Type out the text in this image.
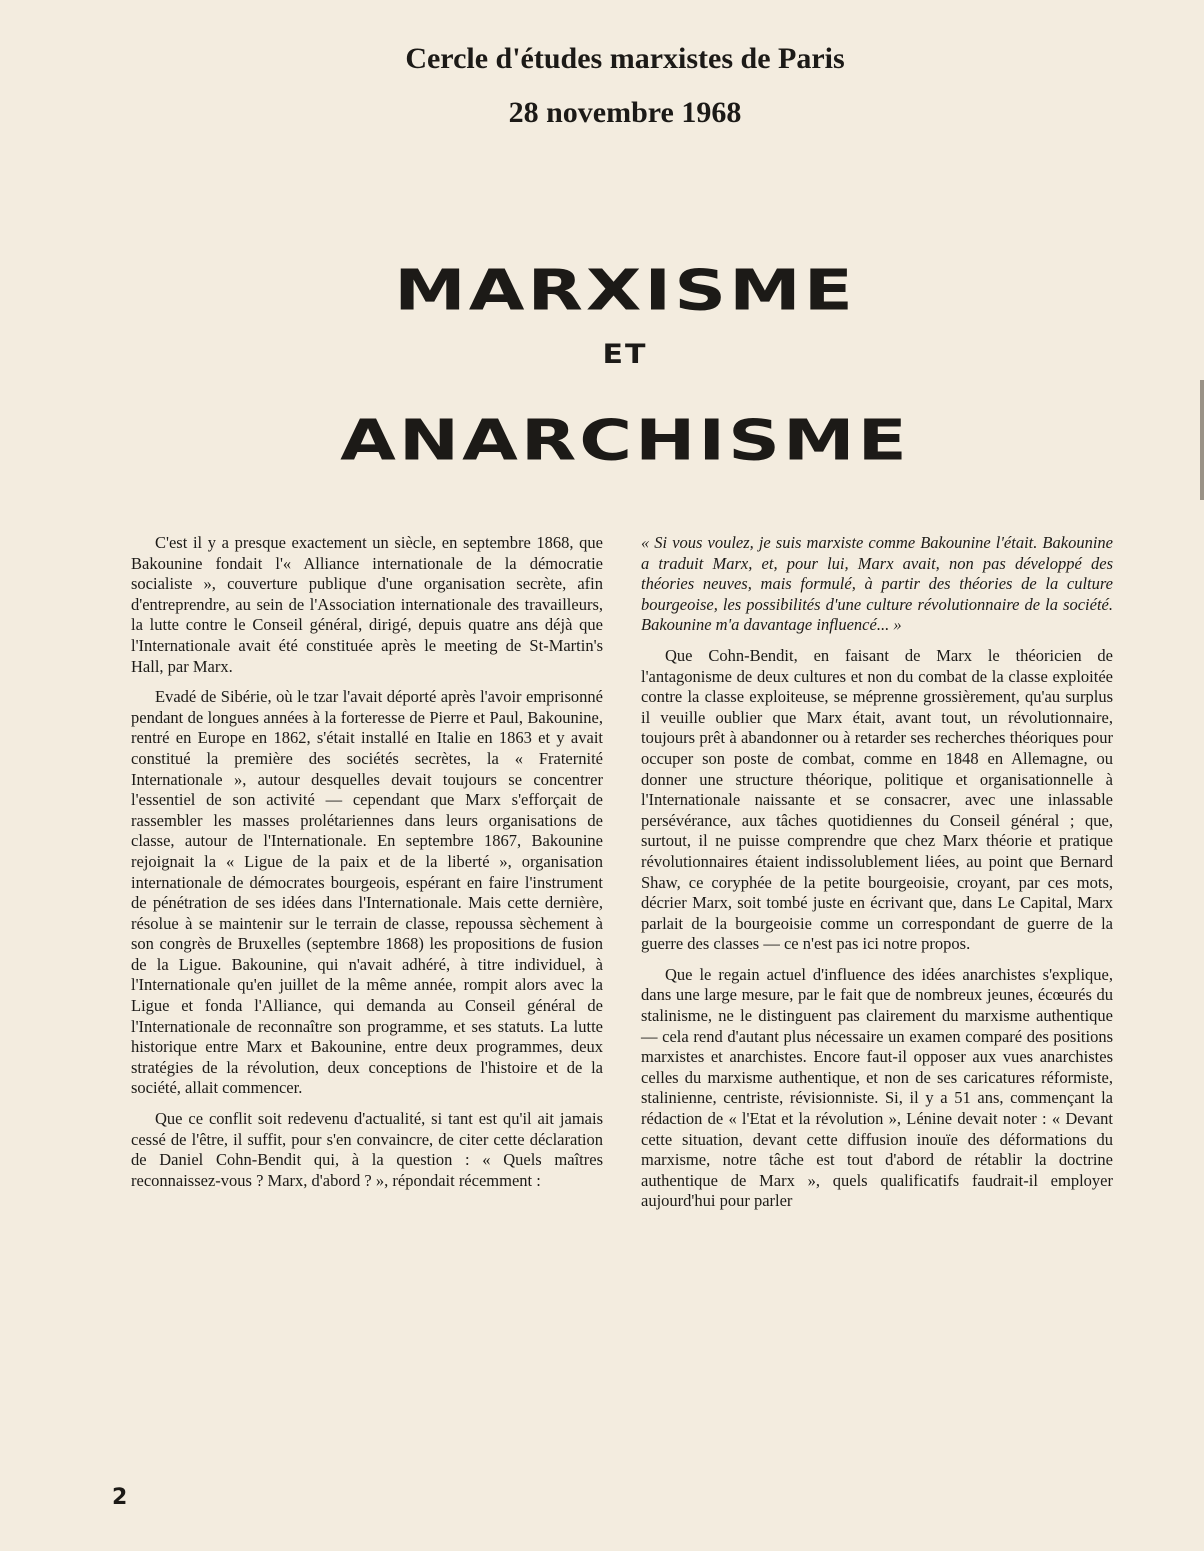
Cercle d'études marxistes de Paris
28 novembre 1968
MARXISME
ET
ANARCHISME

C'est il y a presque exactement un siècle, en septembre 1868, que Bakounine fondait l'« Alliance internationale de la démocratie socialiste », couverture publique d'une organisation secrète, afin d'entreprendre, au sein de l'Association internationale des travailleurs, la lutte contre le Conseil général, dirigé, depuis quatre ans déjà que l'Internationale avait été constituée après le meeting de St-Martin's Hall, par Marx.

Evadé de Sibérie, où le tzar l'avait déporté après l'avoir emprisonné pendant de longues années à la forteresse de Pierre et Paul, Bakounine, rentré en Europe en 1862, s'était installé en Italie en 1863 et y avait constitué la première des sociétés secrètes, la « Fraternité Internationale », autour desquelles devait toujours se concentrer l'essentiel de son activité — cependant que Marx s'efforçait de rassembler les masses prolétariennes dans leurs organisations de classe, autour de l'Internationale. En septembre 1867, Bakounine rejoignait la « Ligue de la paix et de la liberté », organisation internationale de démocrates bourgeois, espérant en faire l'instrument de pénétration de ses idées dans l'Internationale. Mais cette dernière, résolue à se maintenir sur le terrain de classe, repoussa sèchement à son congrès de Bruxelles (septembre 1868) les propositions de fusion de la Ligue. Bakounine, qui n'avait adhéré, à titre individuel, à l'Internationale qu'en juillet de la même année, rompit alors avec la Ligue et fonda l'Alliance, qui demanda au Conseil général de l'Internationale de reconnaître son programme, et ses statuts. La lutte historique entre Marx et Bakounine, entre deux programmes, deux stratégies de la révolution, deux conceptions de l'histoire et de la société, allait commencer.

Que ce conflit soit redevenu d'actualité, si tant est qu'il ait jamais cessé de l'être, il suffit, pour s'en convaincre, de citer cette déclaration de Daniel Cohn-Bendit qui, à la question : « Quels maîtres reconnaissez-vous ? Marx, d'abord ? », répondait récemment :

« Si vous voulez, je suis marxiste comme Bakounine l'était. Bakounine a traduit Marx, et, pour lui, Marx avait, non pas développé des théories neuves, mais formulé, à partir des théories de la culture bourgeoise, les possibilités d'une culture révolutionnaire de la société. Bakounine m'a davantage influencé... »

Que Cohn-Bendit, en faisant de Marx le théoricien de l'antagonisme de deux cultures et non du combat de la classe exploitée contre la classe exploiteuse, se méprenne grossièrement, qu'au surplus il veuille oublier que Marx était, avant tout, un révolutionnaire, toujours prêt à abandonner ou à retarder ses recherches théoriques pour occuper son poste de combat, comme en 1848 en Allemagne, ou donner une structure théorique, politique et organisationnelle à l'Internationale naissante et se consacrer, avec une inlassable persévérance, aux tâches quotidiennes du Conseil général ; que, surtout, il ne puisse comprendre que chez Marx théorie et pratique révolutionnaires étaient indissolublement liées, au point que Bernard Shaw, ce coryphée de la petite bourgeoisie, croyant, par ces mots, décrier Marx, soit tombé juste en écrivant que, dans Le Capital, Marx parlait de la bourgeoisie comme un correspondant de guerre de la guerre des classes — ce n'est pas ici notre propos.

Que le regain actuel d'influence des idées anarchistes s'explique, dans une large mesure, par le fait que de nombreux jeunes, écœurés du stalinisme, ne le distinguent pas clairement du marxisme authentique — cela rend d'autant plus nécessaire un examen comparé des positions marxistes et anarchistes. Encore faut-il opposer aux vues anarchistes celles du marxisme authentique, et non de ses caricatures réformiste, stalinienne, centriste, révisionniste. Si, il y a 51 ans, commençant la rédaction de « l'Etat et la révolution », Lénine devait noter : « Devant cette situation, devant cette diffusion inouïe des déformations du marxisme, notre tâche est tout d'abord de rétablir la doctrine authentique de Marx », quels qualificatifs faudrait-il employer aujourd'hui pour parler

2
